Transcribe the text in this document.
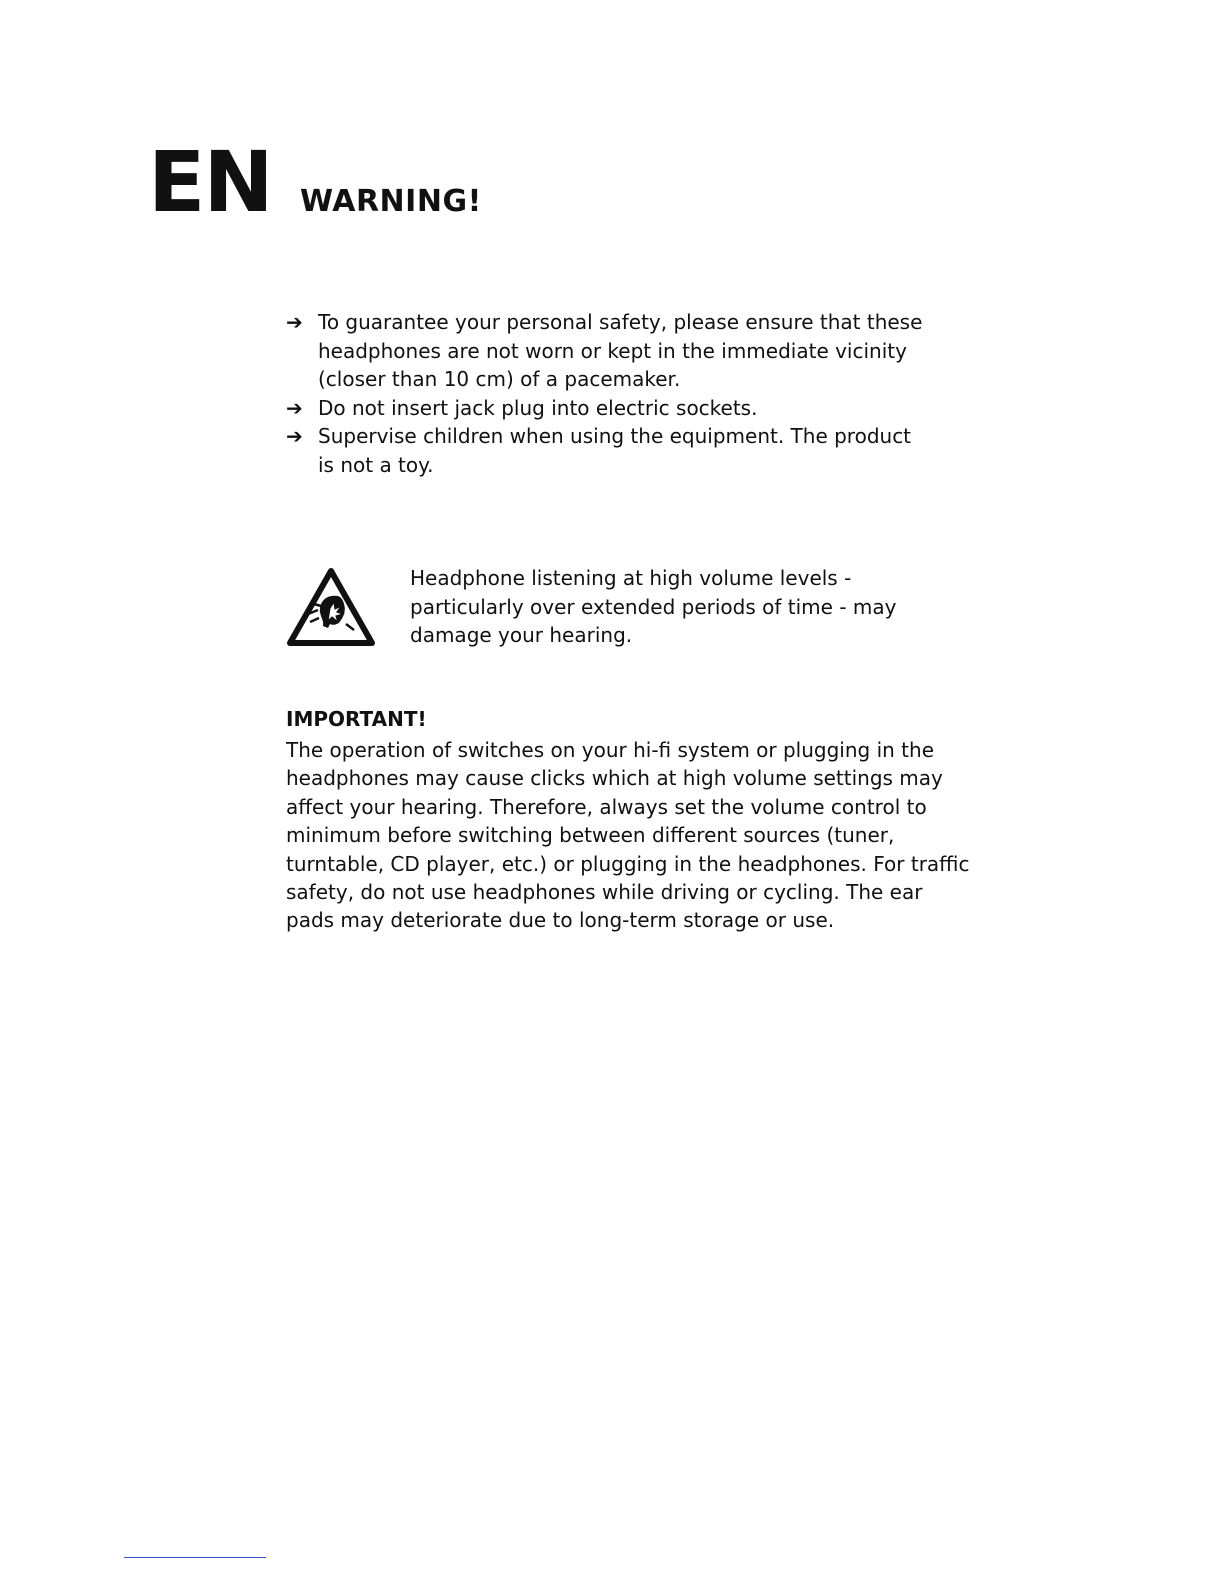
EN WARNING!
➔ To guarantee your personal safety, please ensure that these headphones are not worn or kept in the immediate vicinity (closer than 10 cm) of a pacemaker.
➔ Do not insert jack plug into electric sockets.
➔ Supervise children when using the equipment. The product is not a toy.

Headphone listening at high volume levels - particularly over extended periods of time - may damage your hearing.

IMPORTANT!

The operation of switches on your hi-fi system or plugging in the headphones may cause clicks which at high volume settings may affect your hearing. Therefore, always set the volume control to minimum before switching between different sources (tuner, turntable, CD player, etc.) or plugging in the headphones. For traffic safety, do not use headphones while driving or cycling. The ear pads may deteriorate due to long-term storage or use.
